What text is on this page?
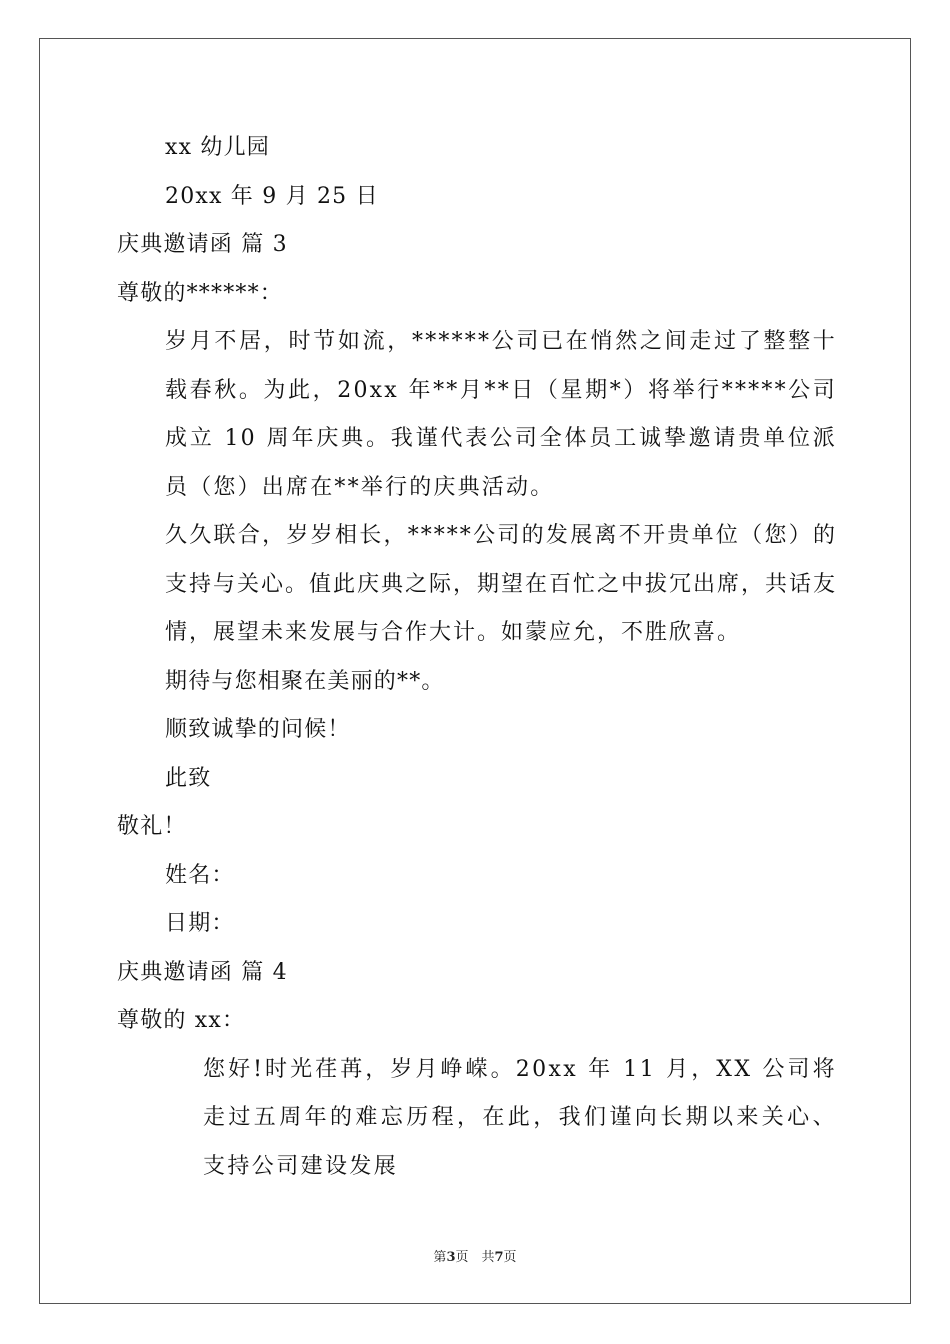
xx 幼儿园
20xx 年 9 月 25 日
庆典邀请函 篇 3
尊敬的******：
岁月不居，时节如流，******公司已在悄然之间走过了整整十载春秋。为此，20xx 年**月**日（星期*）将举行*****公司成立 10 周年庆典。我谨代表公司全体员工诚挚邀请贵单位派员（您）出席在**举行的庆典活动。
久久联合，岁岁相长，*****公司的发展离不开贵单位（您）的支持与关心。值此庆典之际，期望在百忙之中拔冗出席，共话友情，展望未来发展与合作大计。如蒙应允，不胜欣喜。
期待与您相聚在美丽的**。
顺致诚挚的问候！
此致
敬礼！
姓名：
日期：
庆典邀请函 篇 4
尊敬的 xx：
您好!时光荏苒，岁月峥嵘。20xx 年 11 月，XX 公司将走过五周年的难忘历程，在此，我们谨向长期以来关心、支持公司建设发展
第3页　共7页
